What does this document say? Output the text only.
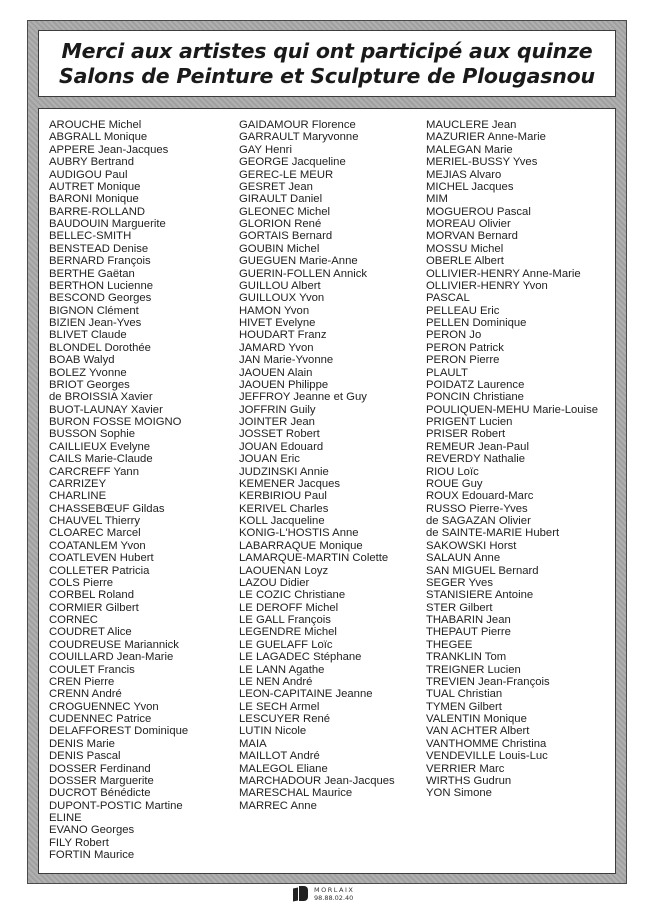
Merci aux artistes qui ont participé aux quinze
Salons de Peinture et Sculpture de Plougasnou
AROUCHE Michel
ABGRALL Monique
APPERE Jean-Jacques
AUBRY Bertrand
AUDIGOU Paul
AUTRET Monique
BARONI Monique
BARRE-ROLLAND
BAUDOUIN Marguerite
BELLEC-SMITH
BENSTEAD Denise
BERNARD François
BERTHE Gaëtan
BERTHON Lucienne
BESCOND Georges
BIGNON Clément
BIZIEN Jean-Yves
BLIVET Claude
BLONDEL Dorothée
BOAB Walyd
BOLEZ Yvonne
BRIOT Georges
de BROISSIA Xavier
BUOT-LAUNAY Xavier
BURON FOSSE MOIGNO
BUSSON Sophie
CAILLIEUX Evelyne
CAILS Marie-Claude
CARCREFF Yann
CARRIZEY
CHARLINE
CHASSEBŒUF Gildas
CHAUVEL Thierry
CLOAREC Marcel
COATANLEM Yvon
COATLEVEN Hubert
COLLETER Patricia
COLS Pierre
CORBEL Roland
CORMIER Gilbert
CORNEC
COUDRET Alice
COUDREUSE Mariannick
COUILLARD Jean-Marie
COULET Francis
CREN Pierre
CRENN André
CROGUENNEC Yvon
CUDENNEC Patrice
DELAFFOREST Dominique
DENIS Marie
DENIS Pascal
DOSSER Ferdinand
DOSSER Marguerite
DUCROT Bénédicte
DUPONT-POSTIC Martine
ELINE
EVANO Georges
FILY Robert
FORTIN Maurice
GAIDAMOUR Florence
GARRAULT Maryvonne
GAY Henri
GEORGE Jacqueline
GEREC-LE MEUR
GESRET Jean
GIRAULT Daniel
GLEONEC Michel
GLORION René
GORTAIS Bernard
GOUBIN Michel
GUEGUEN Marie-Anne
GUERIN-FOLLEN Annick
GUILLOU Albert
GUILLOUX Yvon
HAMON Yvon
HIVET Evelyne
HOUDART Franz
JAMARD Yvon
JAN Marie-Yvonne
JAOUEN Alain
JAOUEN Philippe
JEFFROY Jeanne et Guy
JOFFRIN Guily
JOINTER Jean
JOSSET Robert
JOUAN Edouard
JOUAN Eric
JUDZINSKI Annie
KEMENER Jacques
KERBIRIOU Paul
KERIVEL Charles
KOLL Jacqueline
KONIG-L'HOSTIS Anne
LABARRAQUE Monique
LAMARQUE-MARTIN Colette
LAOUENAN Loyz
LAZOU Didier
LE COZIC Christiane
LE DEROFF Michel
LE GALL François
LEGENDRE Michel
LE GUELAFF Loïc
LE LAGADEC Stéphane
LE LANN Agathe
LE NEN André
LEON-CAPITAINE Jeanne
LE SECH Armel
LESCUYER René
LUTIN Nicole
MAIA
MAILLOT André
MALEGOL Eliane
MARCHADOUR Jean-Jacques
MARESCHAL Maurice
MARREC Anne
MAUCLERE Jean
MAZURIER Anne-Marie
MALEGAN Marie
MERIEL-BUSSY Yves
MEJIAS Alvaro
MICHEL Jacques
MIM
MOGUEROU Pascal
MOREAU Olivier
MORVAN Bernard
MOSSU Michel
OBERLE Albert
OLLIVIER-HENRY Anne-Marie
OLLIVIER-HENRY Yvon
PASCAL
PELLEAU Eric
PELLEN Dominique
PERON Jo
PERON Patrick
PERON Pierre
PLAULT
POIDATZ Laurence
PONCIN Christiane
POULIQUEN-MEHU Marie-Louise
PRIGENT Lucien
PRISER Robert
REMEUR Jean-Paul
REVERDY Nathalie
RIOU Loïc
ROUE Guy
ROUX Edouard-Marc
RUSSO Pierre-Yves
de SAGAZAN Olivier
de SAINTE-MARIE Hubert
SAKOWSKI Horst
SALAUN Anne
SAN MIGUEL Bernard
SEGER Yves
STANISIERE Antoine
STER Gilbert
THABARIN Jean
THEPAUT Pierre
THEGEE
TRANKLIN Tom
TREIGNER Lucien
TREVIEN Jean-François
TUAL Christian
TYMEN Gilbert
VALENTIN Monique
VAN ACHTER Albert
VANTHOMME Christina
VENDEVILLE Louis-Luc
VERRIER Marc
WIRTHS Gudrun
YON Simone
MORLAIX
98.88.02.40
